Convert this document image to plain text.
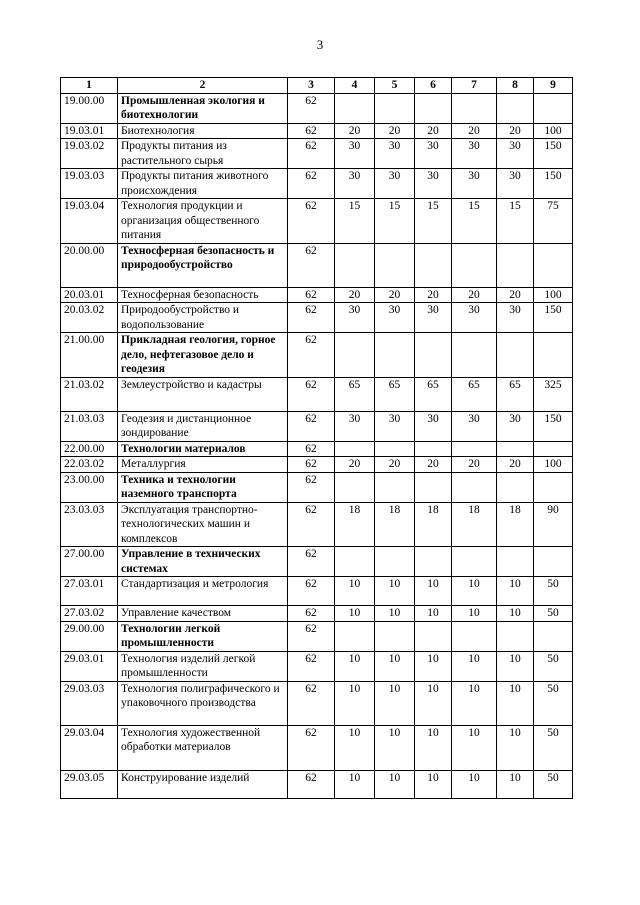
3
1	2	3	4	5	6	7	8	9
19.00.00	Промышленная экология и биотехнологии	62						
19.03.01	Биотехнология	62	20	20	20	20	20	100
19.03.02	Продукты питания из растительного сырья	62	30	30	30	30	30	150
19.03.03	Продукты питания животного происхождения	62	30	30	30	30	30	150
19.03.04	Технология продукции и организация общественного питания	62	15	15	15	15	15	75
20.00.00	Техносферная безопасность и природообустройство	62						
20.03.01	Техносферная безопасность	62	20	20	20	20	20	100
20.03.02	Природообустройство и водопользование	62	30	30	30	30	30	150
21.00.00	Прикладная геология, горное дело, нефтегазовое дело и геодезия	62						
21.03.02	Землеустройство и кадастры	62	65	65	65	65	65	325
21.03.03	Геодезия и дистанционное зондирование	62	30	30	30	30	30	150
22.00.00	Технологии материалов	62						
22.03.02	Металлургия	62	20	20	20	20	20	100
23.00.00	Техника и технологии наземного транспорта	62						
23.03.03	Эксплуатация транспортно-технологических машин и комплексов	62	18	18	18	18	18	90
27.00.00	Управление в технических системах	62						
27.03.01	Стандартизация и метрология	62	10	10	10	10	10	50
27.03.02	Управление качеством	62	10	10	10	10	10	50
29.00.00	Технологии легкой промышленности	62						
29.03.01	Технология изделий легкой промышленности	62	10	10	10	10	10	50
29.03.03	Технология полиграфического и упаковочного производства	62	10	10	10	10	10	50
29.03.04	Технология художественной обработки материалов	62	10	10	10	10	10	50
29.03.05	Конструирование изделий	62	10	10	10	10	10	50
